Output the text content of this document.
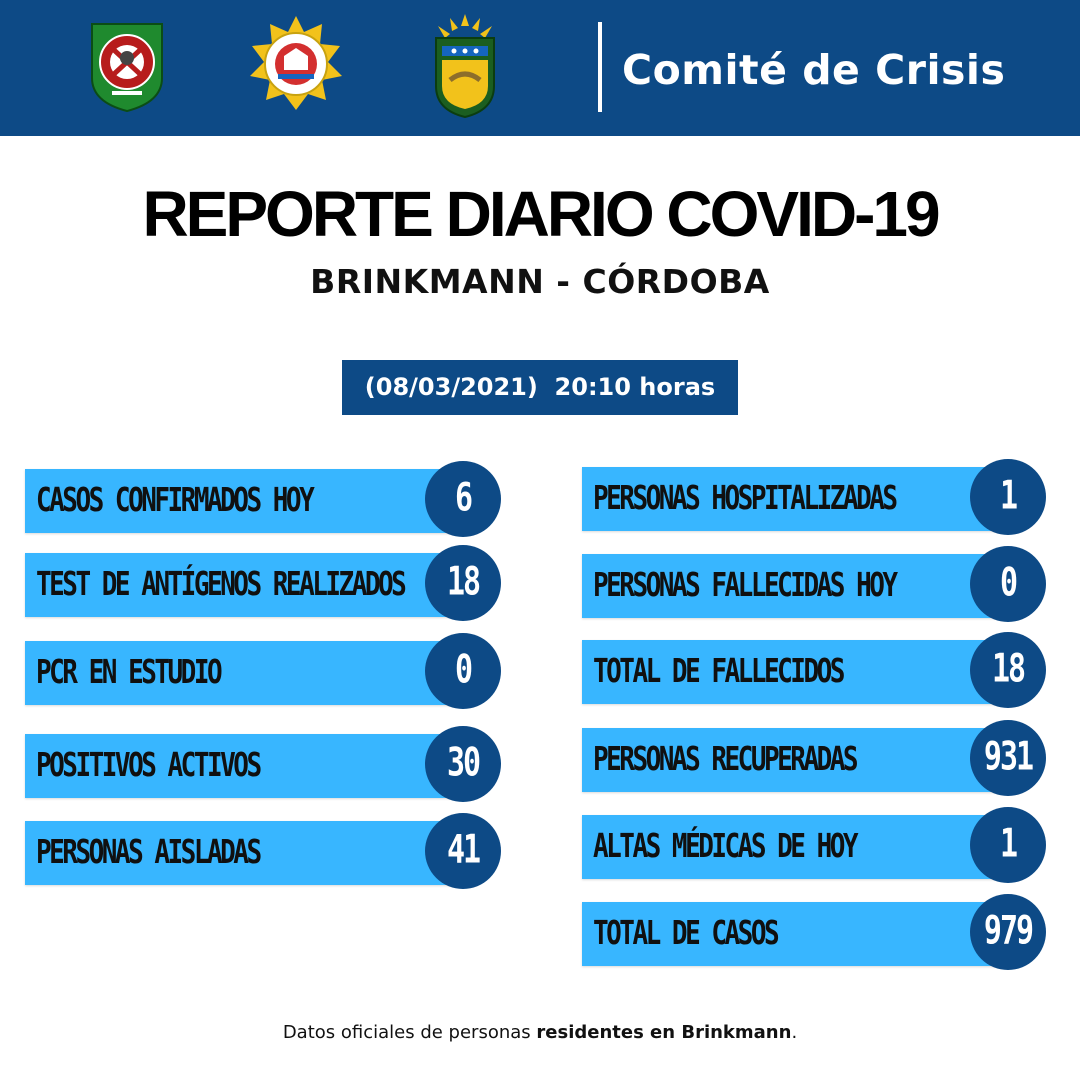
Comité de Crisis
REPORTE DIARIO COVID-19
BRINKMANN - CÓRDOBA
(08/03/2021)  20:10 horas
CASOS CONFIRMADOS HOY	6
TEST DE ANTÍGENOS REALIZADOS	18
PCR EN ESTUDIO	0
POSITIVOS ACTIVOS	30
PERSONAS AISLADAS	41
PERSONAS HOSPITALIZADAS	1
PERSONAS FALLECIDAS HOY	0
TOTAL DE FALLECIDOS	18
PERSONAS RECUPERADAS	931
ALTAS MÉDICAS DE HOY	1
TOTAL DE CASOS	979
Datos oficiales de personas residentes en Brinkmann.
